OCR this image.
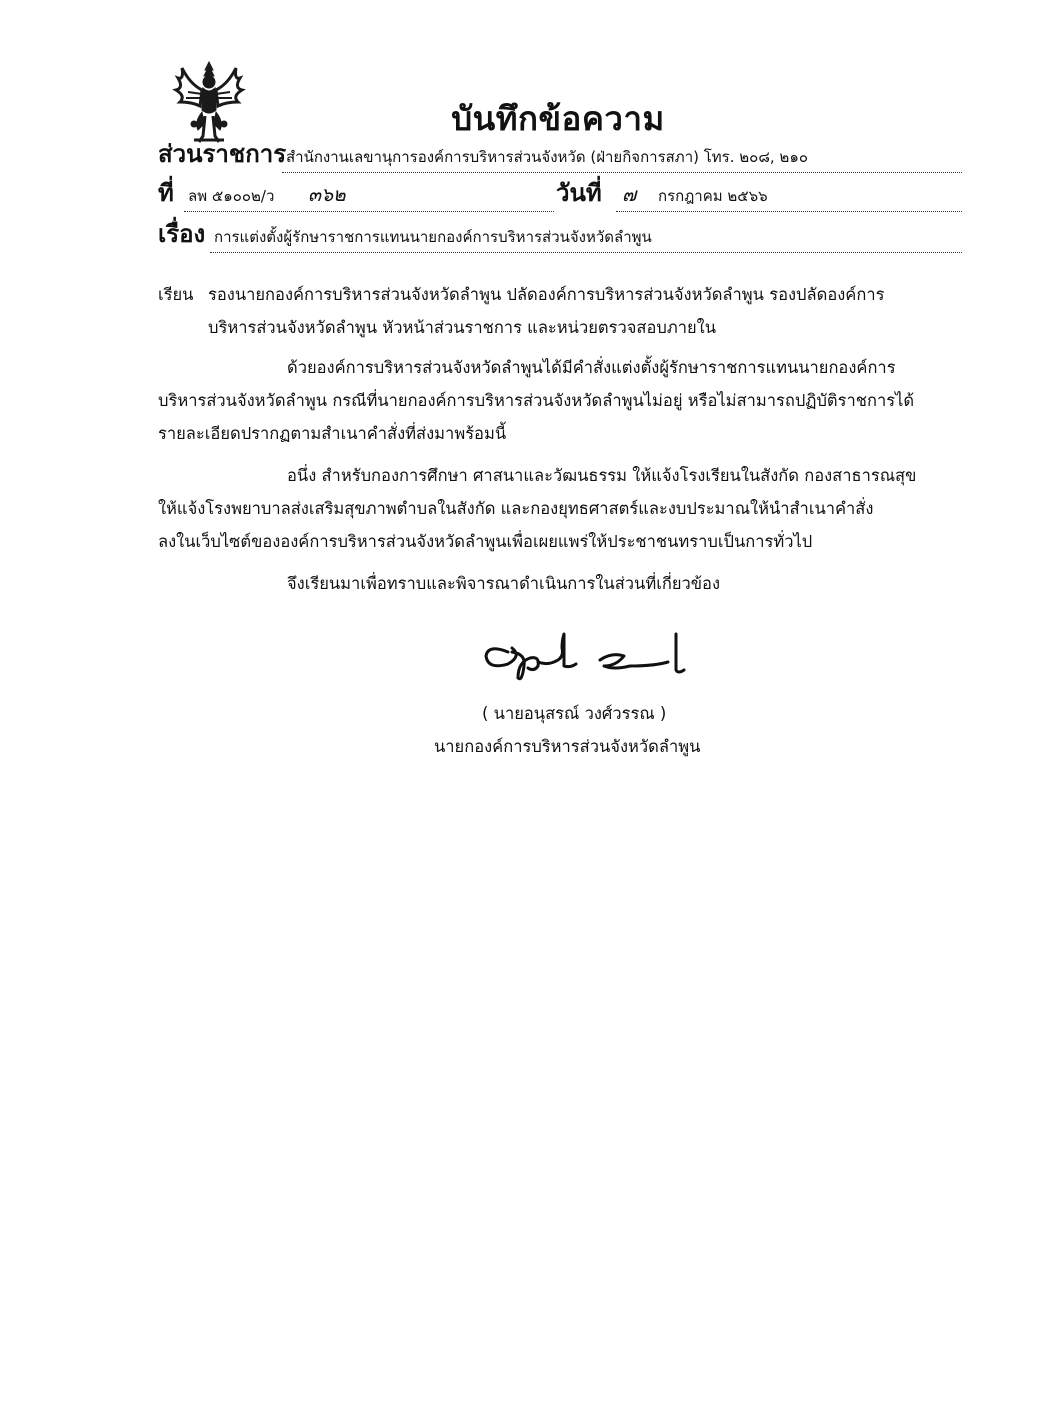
บันทึกข้อความ
ส่วนราชการ สำนักงานเลขานุการองค์การบริหารส่วนจังหวัด (ฝ่ายกิจการสภา) โทร. ๒๐๘, ๒๑๐
ที่ ลพ ๕๑๐๐๒/ว ๓๖๒	วันที่ ๗ กรกฎาคม ๒๕๖๖
เรื่อง การแต่งตั้งผู้รักษาราชการแทนนายกองค์การบริหารส่วนจังหวัดลำพูน
เรียน รองนายกองค์การบริหารส่วนจังหวัดลำพูน ปลัดองค์การบริหารส่วนจังหวัดลำพูน รองปลัดองค์การ
บริหารส่วนจังหวัดลำพูน หัวหน้าส่วนราชการ และหน่วยตรวจสอบภายใน
ด้วยองค์การบริหารส่วนจังหวัดลำพูนได้มีคำสั่งแต่งตั้งผู้รักษาราชการแทนนายกองค์การ
บริหารส่วนจังหวัดลำพูน กรณีที่นายกองค์การบริหารส่วนจังหวัดลำพูนไม่อยู่ หรือไม่สามารถปฏิบัติราชการได้
รายละเอียดปรากฏตามสำเนาคำสั่งที่ส่งมาพร้อมนี้
อนึ่ง สำหรับกองการศึกษา ศาสนาและวัฒนธรรม ให้แจ้งโรงเรียนในสังกัด กองสาธารณสุข
ให้แจ้งโรงพยาบาลส่งเสริมสุขภาพตำบลในสังกัด และกองยุทธศาสตร์และงบประมาณให้นำสำเนาคำสั่ง
ลงในเว็บไซต์ขององค์การบริหารส่วนจังหวัดลำพูนเพื่อเผยแพร่ให้ประชาชนทราบเป็นการทั่วไป
จึงเรียนมาเพื่อทราบและพิจารณาดำเนินการในส่วนที่เกี่ยวข้อง
( นายอนุสรณ์ วงศ์วรรณ )
นายกองค์การบริหารส่วนจังหวัดลำพูน
